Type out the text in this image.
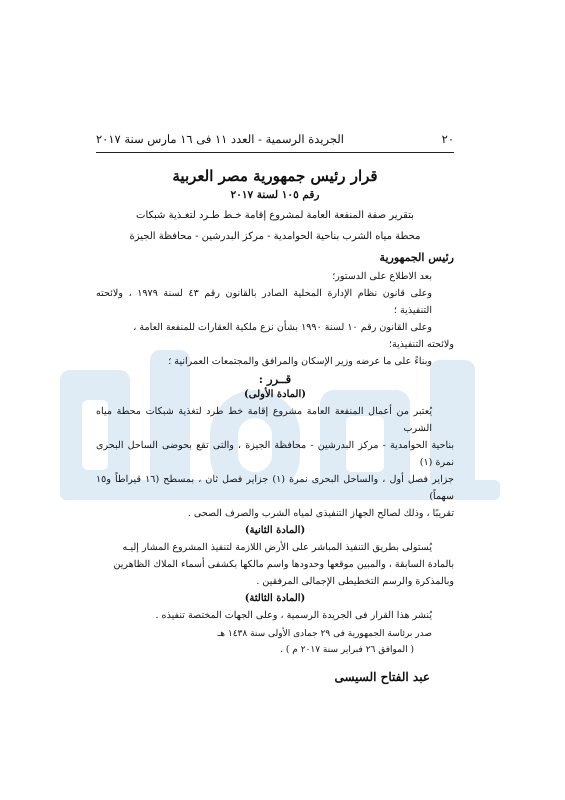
٢٠
الجريدة الرسمية - العدد ١١ فى ١٦ مارس سنة ٢٠١٧
قرار رئيس جمهورية مصر العربية
رقم ١٠٥ لسنة ٢٠١٧
بتقرير صفة المنفعة العامة لمشروع إقامة خـط طـرد لتغـذية شبكات
محطة مياه الشرب بناحية الحوامدية - مركز البدرشين - محافظة الجيزة
رئيس الجمهورية

بعد الاطلاع على الدستور؛

وعلى قانون نظام الإدارة المحلية الصادر بالقانون رقم ٤٣ لسنة ١٩٧٩ ، ولائحته التنفيذية ؛

وعلى القانون رقم ١٠ لسنة ١٩٩٠ بشأن نزع ملكية العقارات للمنفعة العامة ،

ولائحته التنفيذية؛

وبناءً على ما عرضه وزير الإسكان والمرافق والمجتمعات العمرانية ؛

قــرر :
(المادة الأولى)

يُعتبر من أعمال المنفعة العامة مشروع إقامة خط طرد لتغذية شبكات محطة مياه الشرب

بناحية الحوامدية - مركز البدرشين - محافظة الجيزة ، والتى تقع بحوضى الساحل البحرى نمرة (١)

جزاير فصل أول ، والساحل البحرى نمرة (١) جزاير فصل ثان ، بمسطح (١٦ قيراطاً و١٥ سهماً)

تقريبًا ، وذلك لصالح الجهاز التنفيذى لمياه الشرب والصرف الصحى .

(المادة الثانية)

يُستولى بطريق التنفيذ المباشر على الأرض اللازمة لتنفيذ المشروع المشار إليـه

بالمادة السابقة ، والمبين موقعها وحدودها واسم مالكها بكشفى أسماء الملاك الظاهرين

وبالمذكرة والرسم التخطيطى الإجمالى المرفقين .

(المادة الثالثة)

يُنشر هذا القرار فى الجريدة الرسمية ، وعلى الجهات المختصة تنفيذه .

صدر برئاسة الجمهورية فى ٢٩ جمادى الأولى سنة ١٤٣٨ هـ
( الموافق ٢٦ فبراير سنة ٢٠١٧ م ) .
عبد الفتاح السيسى
